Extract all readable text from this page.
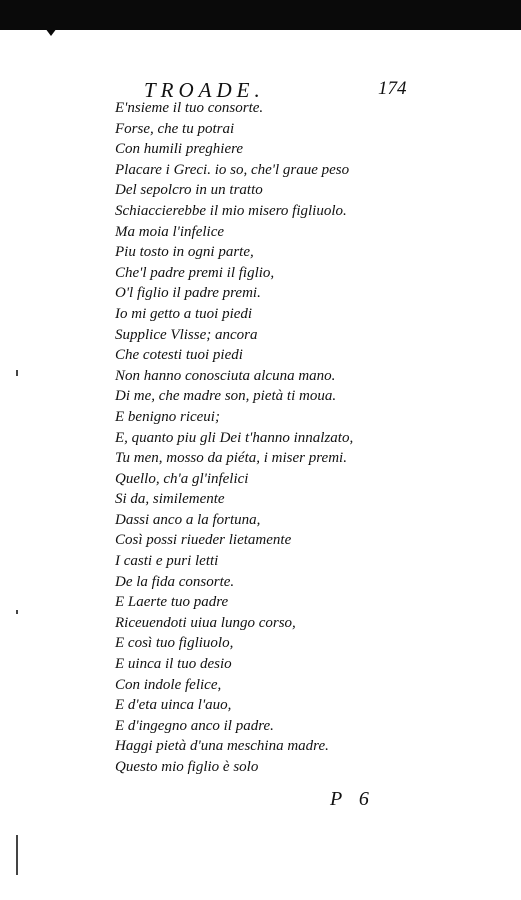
TROADE.	174
E'nsieme il tuo consorte.
Forse, che tu potrai
Con humili preghiere
Placare i Greci. io so, che'l graue peso
Del sepolcro in un tratto
Schiaccierebbe il mio misero figliuolo.
Ma moia l'infelice
Piu tosto in ogni parte,
Che'l padre premi il figlio,
O'l figlio il padre premi.
Io mi getto a tuoi piedi
Supplice Vlisse; ancora
Che cotesti tuoi piedi
Non hanno conosciuta alcuna mano.
Di me, che madre son, pietà ti moua.
E benigno riceui;
E, quanto piu gli Dei t'hanno innalzato,
Tu men, mosso da piéta, i miser premi.
Quello, ch'a gl'infelici
Si da, similemente
Dassi anco a la fortuna,
Così possi riueder lietamente
I casti e puri letti
De la fida consorte.
E Laerte tuo padre
Riceuendoti uiua lungo corso,
E così tuo figliuolo,
E uinca il tuo desio
Con indole felice,
E d'eta uinca l'auo,
E d'ingegno anco il padre.
Haggi pietà d'una meschina madre.
Questo mio figlio è solo
P 6
